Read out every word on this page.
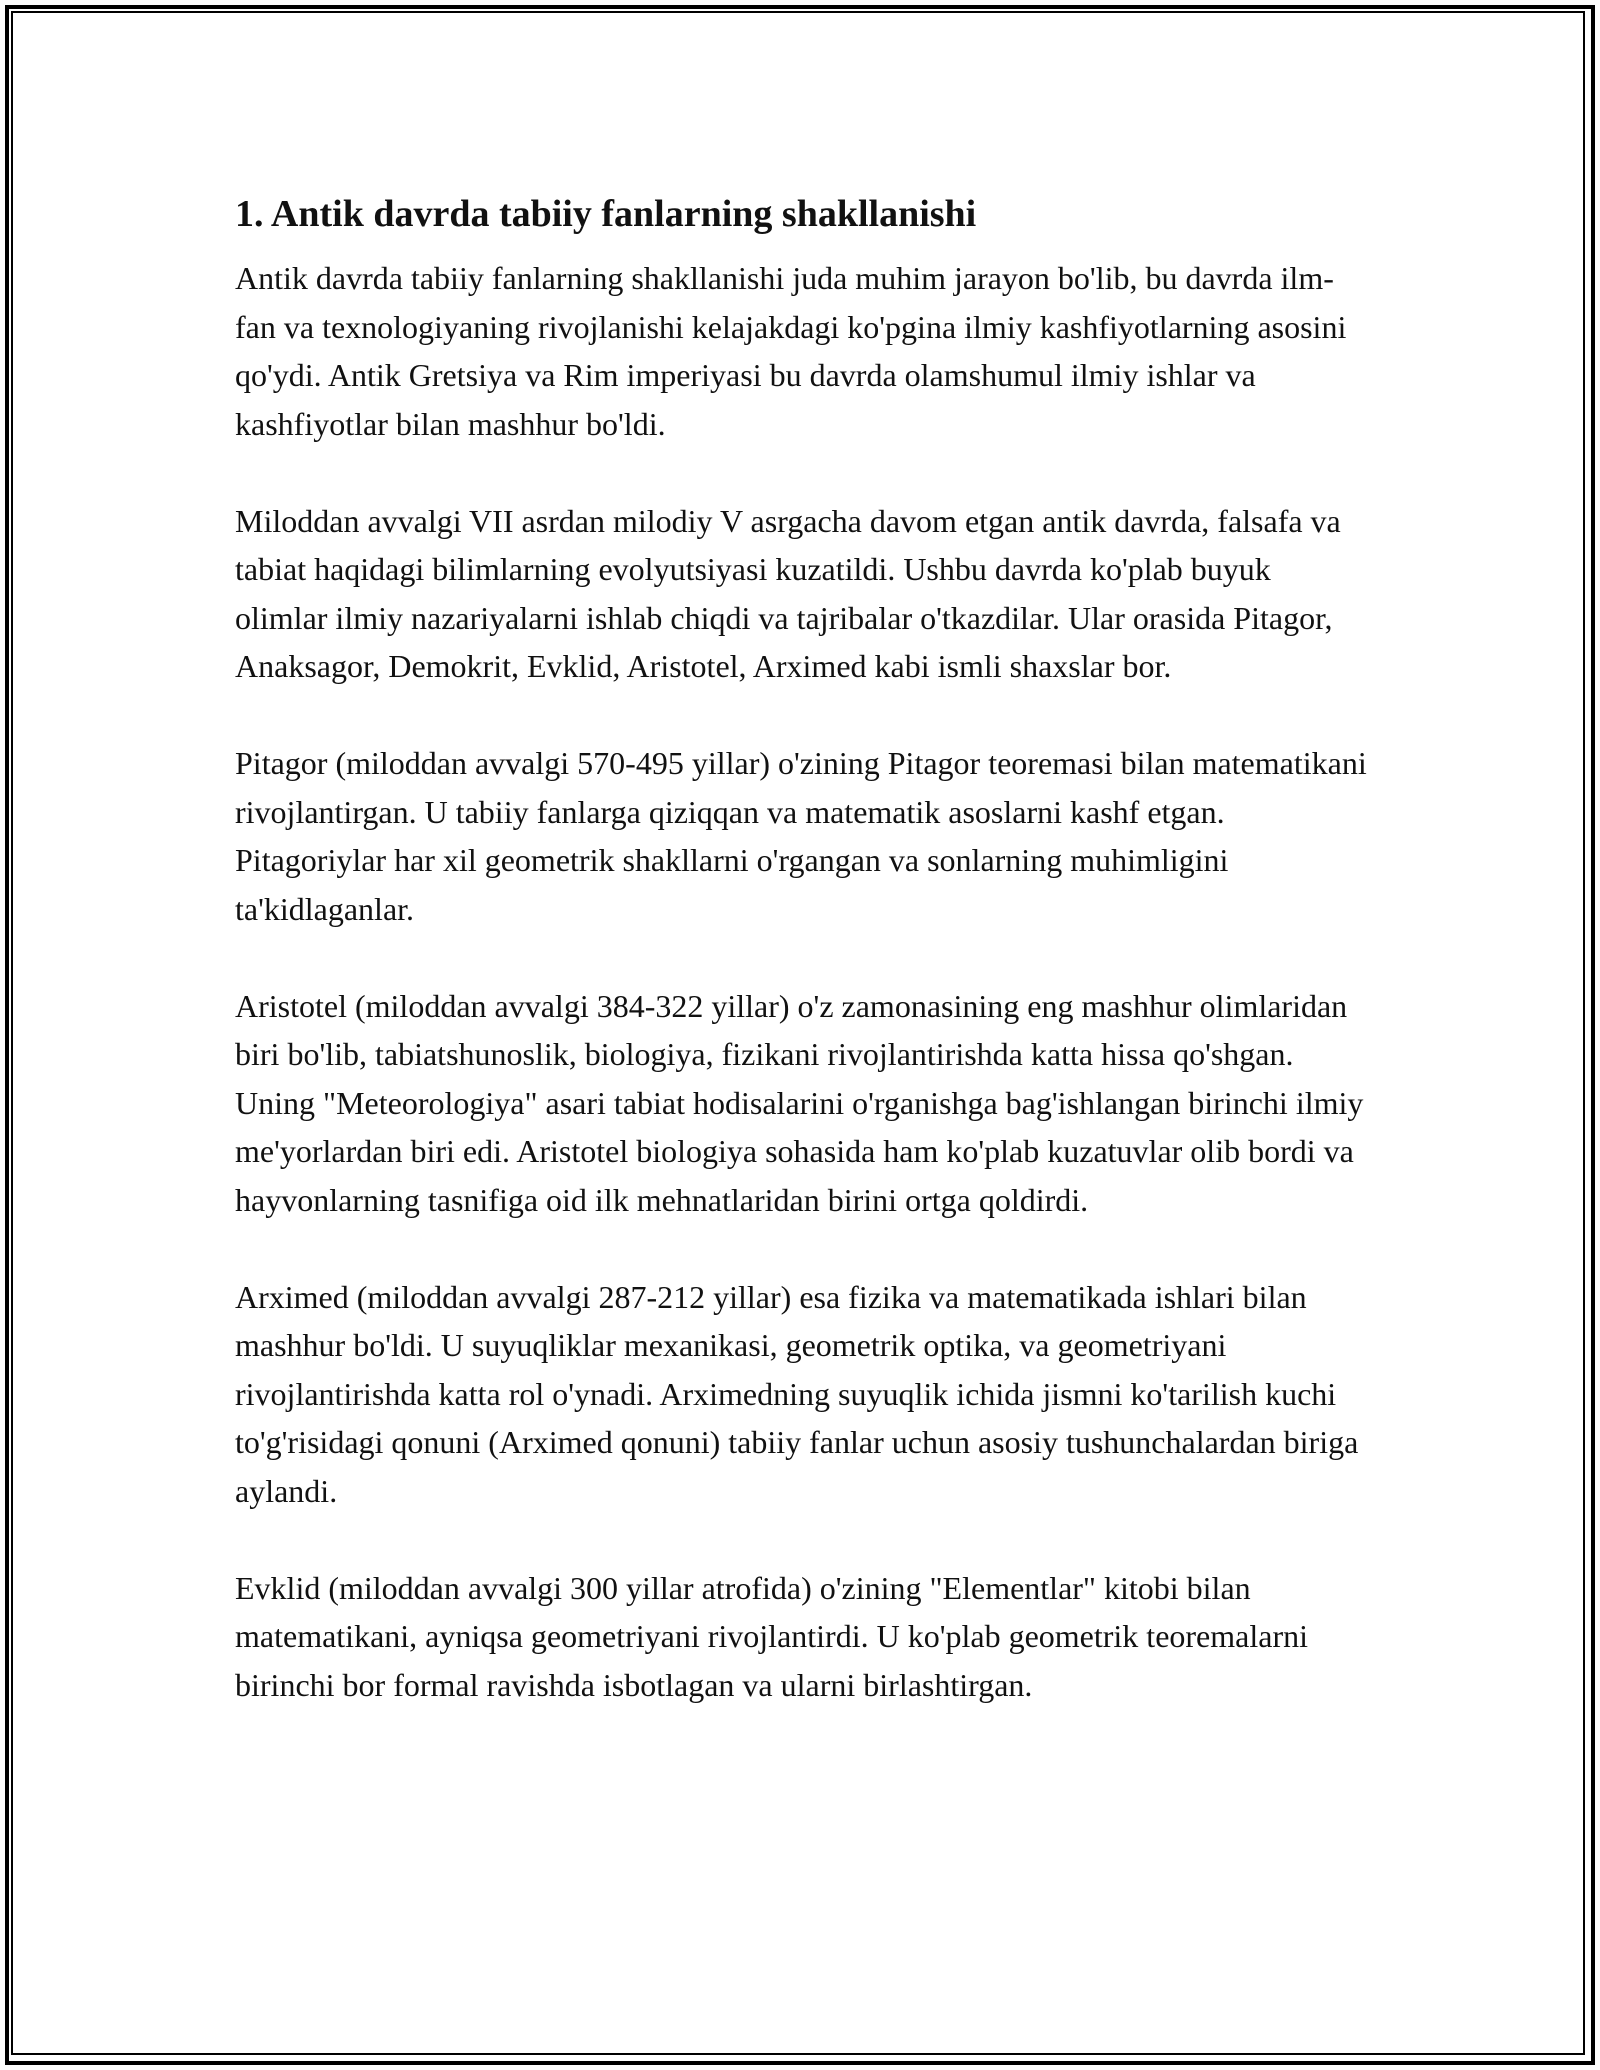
1. Antik davrda tabiiy fanlarning shakllanishi

Antik davrda tabiiy fanlarning shakllanishi juda muhim jarayon bo'lib, bu davrda ilm-fan va texnologiyaning rivojlanishi kelajakdagi ko'pgina ilmiy kashfiyotlarning asosini qo'ydi. Antik Gretsiya va Rim imperiyasi bu davrda olamshumul ilmiy ishlar va kashfiyotlar bilan mashhur bo'ldi.

Miloddan avvalgi VII asrdan milodiy V asrgacha davom etgan antik davrda, falsafa va tabiat haqidagi bilimlarning evolyutsiyasi kuzatildi. Ushbu davrda ko'plab buyuk olimlar ilmiy nazariyalarni ishlab chiqdi va tajribalar o'tkazdilar. Ular orasida Pitagor, Anaksagor, Demokrit, Evklid, Aristotel, Arximed kabi ismli shaxslar bor.

Pitagor (miloddan avvalgi 570-495 yillar) o'zining Pitagor teoremasi bilan matematikani rivojlantirgan. U tabiiy fanlarga qiziqqan va matematik asoslarni kashf etgan. Pitagoriylar har xil geometrik shakllarni o'rgangan va sonlarning muhimligini ta'kidlaganlar.

Aristotel (miloddan avvalgi 384-322 yillar) o'z zamonasining eng mashhur olimlaridan biri bo'lib, tabiatshunoslik, biologiya, fizikani rivojlantirishda katta hissa qo'shgan. Uning "Meteorologiya" asari tabiat hodisalarini o'rganishga bag'ishlangan birinchi ilmiy me'yorlardan biri edi. Aristotel biologiya sohasida ham ko'plab kuzatuvlar olib bordi va hayvonlarning tasnifiga oid ilk mehnatlaridan birini ortga qoldirdi.

Arximed (miloddan avvalgi 287-212 yillar) esa fizika va matematikada ishlari bilan mashhur bo'ldi. U suyuqliklar mexanikasi, geometrik optika, va geometriyani rivojlantirishda katta rol o'ynadi. Arximedning suyuqlik ichida jismni ko'tarilish kuchi to'g'risidagi qonuni (Arximed qonuni) tabiiy fanlar uchun asosiy tushunchalardan biriga aylandi.

Evklid (miloddan avvalgi 300 yillar atrofida) o'zining "Elementlar" kitobi bilan matematikani, ayniqsa geometriyani rivojlantirdi. U ko'plab geometrik teoremalarni birinchi bor formal ravishda isbotlagan va ularni birlashtirgan.
